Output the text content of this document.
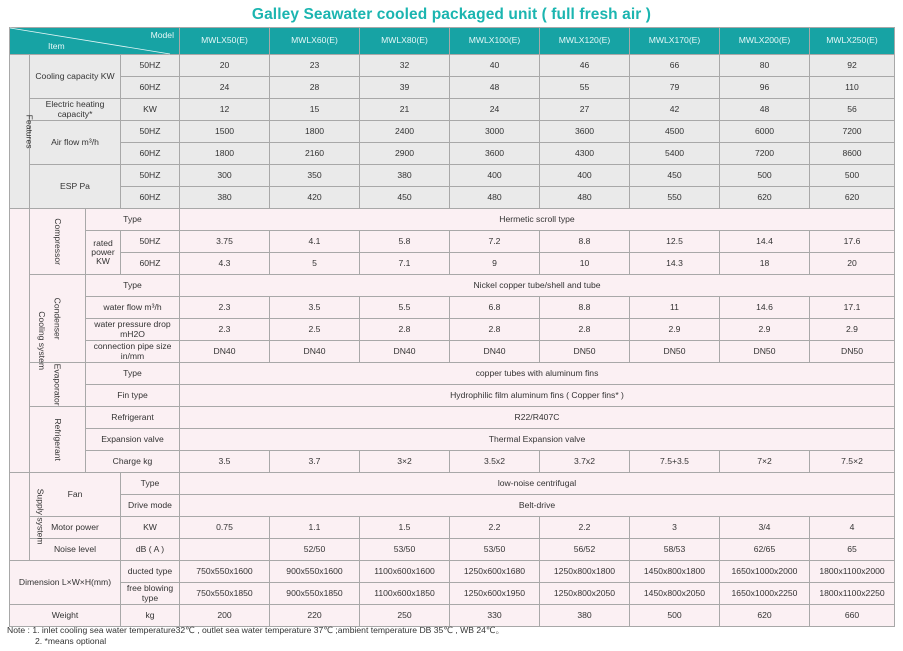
Galley Seawater cooled packaged unit ( full fresh air )
Model
Item				MWLX50(E)	MWLX60(E)	MWLX80(E)	MWLX100(E)	MWLX120(E)	MWLX170(E)	MWLX200(E)	MWLX250(E)
Features	Cooling capacity KW		50HZ	20	23	32	40	46	66	80	92
			60HZ	24	28	39	48	55	79	96	110
	Electric heating capacity*		KW	12	15	21	24	27	42	48	56
	Air flow m³/h		50HZ	1500	1800	2400	3000	3600	4500	6000	7200
			60HZ	1800	2160	2900	3600	4300	5400	7200	8600
	ESP Pa		50HZ	300	350	380	400	400	450	500	500
			60HZ	380	420	450	480	480	550	620	620
Cooling system	Compressor	Type		Hermetic scroll type							
		rated power KW	50HZ	3.75	4.1	5.8	7.2	8.8	12.5	14.4	17.6
			60HZ	4.3	5	7.1	9	10	14.3	18	20
	Condenser	Type		Nickel copper tube/shell and tube							
		water flow m³/h		2.3	3.5	5.5	6.8	8.8	11	14.6	17.1
		water pressure drop mH2O		2.3	2.5	2.8	2.8	2.8	2.9	2.9	2.9
		connection pipe size in/mm		DN40	DN40	DN40	DN40	DN50	DN50	DN50	DN50
	Evaporator	Type		copper tubes with aluminum fins							
		Fin type		Hydrophilic film aluminum fins ( Copper fins* )							
	Refrigerant	Refrigerant		R22/R407C							
		Expansion valve		Thermal Expansion valve							
		Charge kg		3.5	3.7	3×2	3.5x2	3.7x2	7.5+3.5	7×2	7.5×2
Supply system	Fan		Type	low-noise centrifugal							
			Drive mode	Belt-drive							
	Motor power		KW	0.75	1.1	1.5	2.2	2.2	3	3/4	4
	Noise level		dB ( A )		52/50	53/50	53/50	56/52	58/53	62/65	65
Dimension L×W×H(mm)			ducted type	750x550x1600	900x550x1600	1100x600x1600	1250x600x1680	1250x800x1800	1450x800x1800	1650x1000x2000	1800x1100x2000
			free blowing type	750x550x1850	900x550x1850	1100x600x1850	1250x600x1950	1250x800x2050	1450x800x2050	1650x1000x2250	1800x1100x2250
Weight			kg	200	220	250	330	380	500	620	660
Note : 1. inlet cooling sea water temperature32℃ , outlet sea water temperature 37℃ ;ambient temperature DB 35℃ , WB 24℃。
2. *means optional
